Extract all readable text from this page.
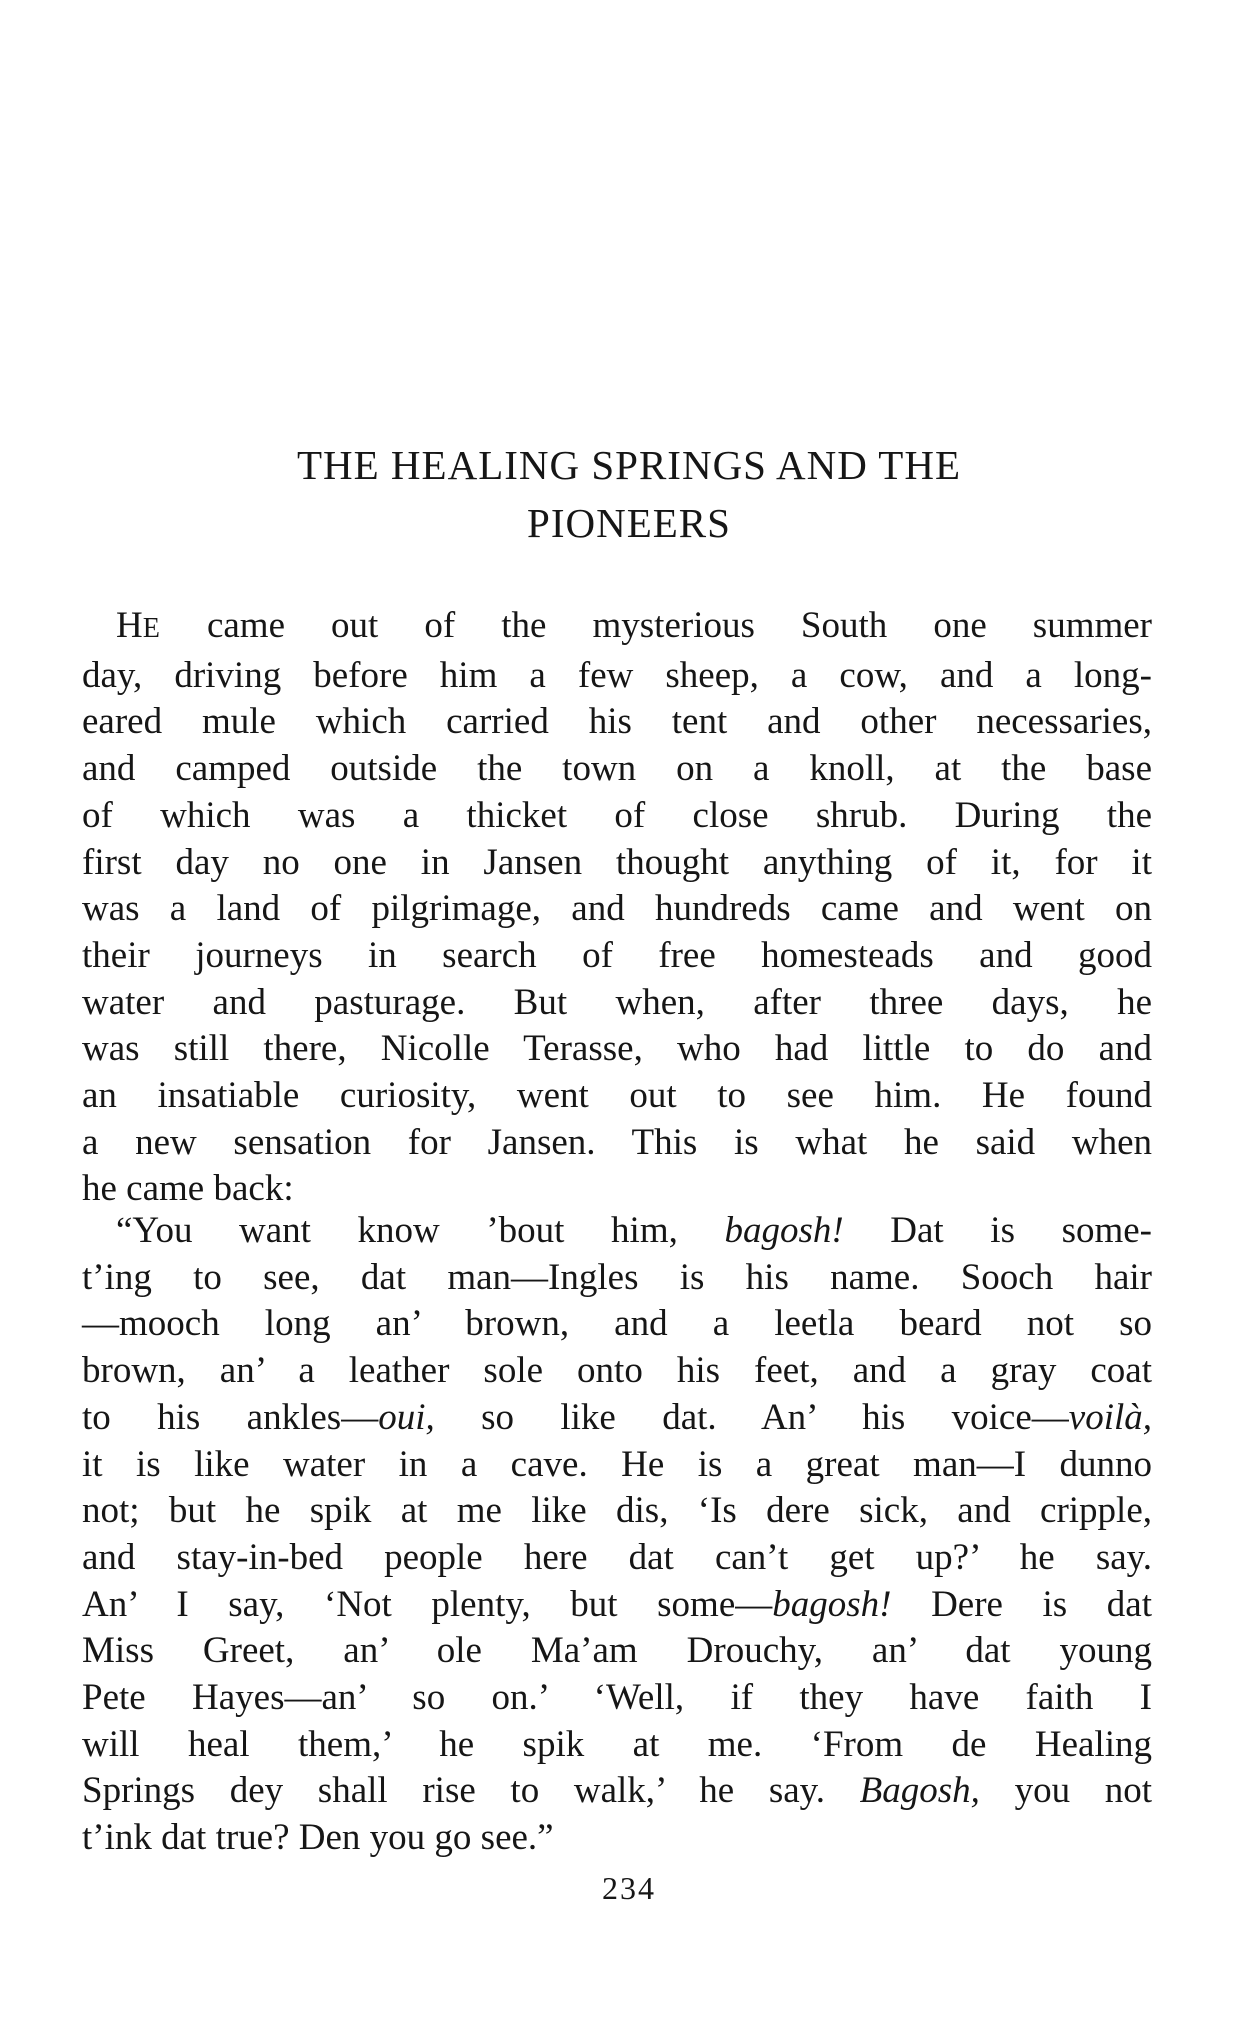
THE HEALING SPRINGS AND THE
PIONEERS
HE came out of the mysterious South one summer
day, driving before him a few sheep, a cow, and a long-
eared mule which carried his tent and other necessaries,
and camped outside the town on a knoll, at the base
of which was a thicket of close shrub. During the
first day no one in Jansen thought anything of it, for it
was a land of pilgrimage, and hundreds came and went on
their journeys in search of free homesteads and good
water and pasturage. But when, after three days, he
was still there, Nicolle Terasse, who had little to do and
an insatiable curiosity, went out to see him. He found
a new sensation for Jansen. This is what he said when
he came back:
“You want know ’bout him, bagosh! Dat is some-
t’ing to see, dat man—Ingles is his name. Sooch hair
—mooch long an’ brown, and a leetla beard not so
brown, an’ a leather sole onto his feet, and a gray coat
to his ankles—oui, so like dat. An’ his voice—voilà,
it is like water in a cave. He is a great man—I dunno
not; but he spik at me like dis, ‘Is dere sick, and cripple,
and stay-in-bed people here dat can’t get up?’ he say.
An’ I say, ‘Not plenty, but some—bagosh! Dere is dat
Miss Greet, an’ ole Ma’am Drouchy, an’ dat young
Pete Hayes—an’ so on.’ ‘Well, if they have faith I
will heal them,’ he spik at me. ‘From de Healing
Springs dey shall rise to walk,’ he say. Bagosh, you not
t’ink dat true? Den you go see.”
234
